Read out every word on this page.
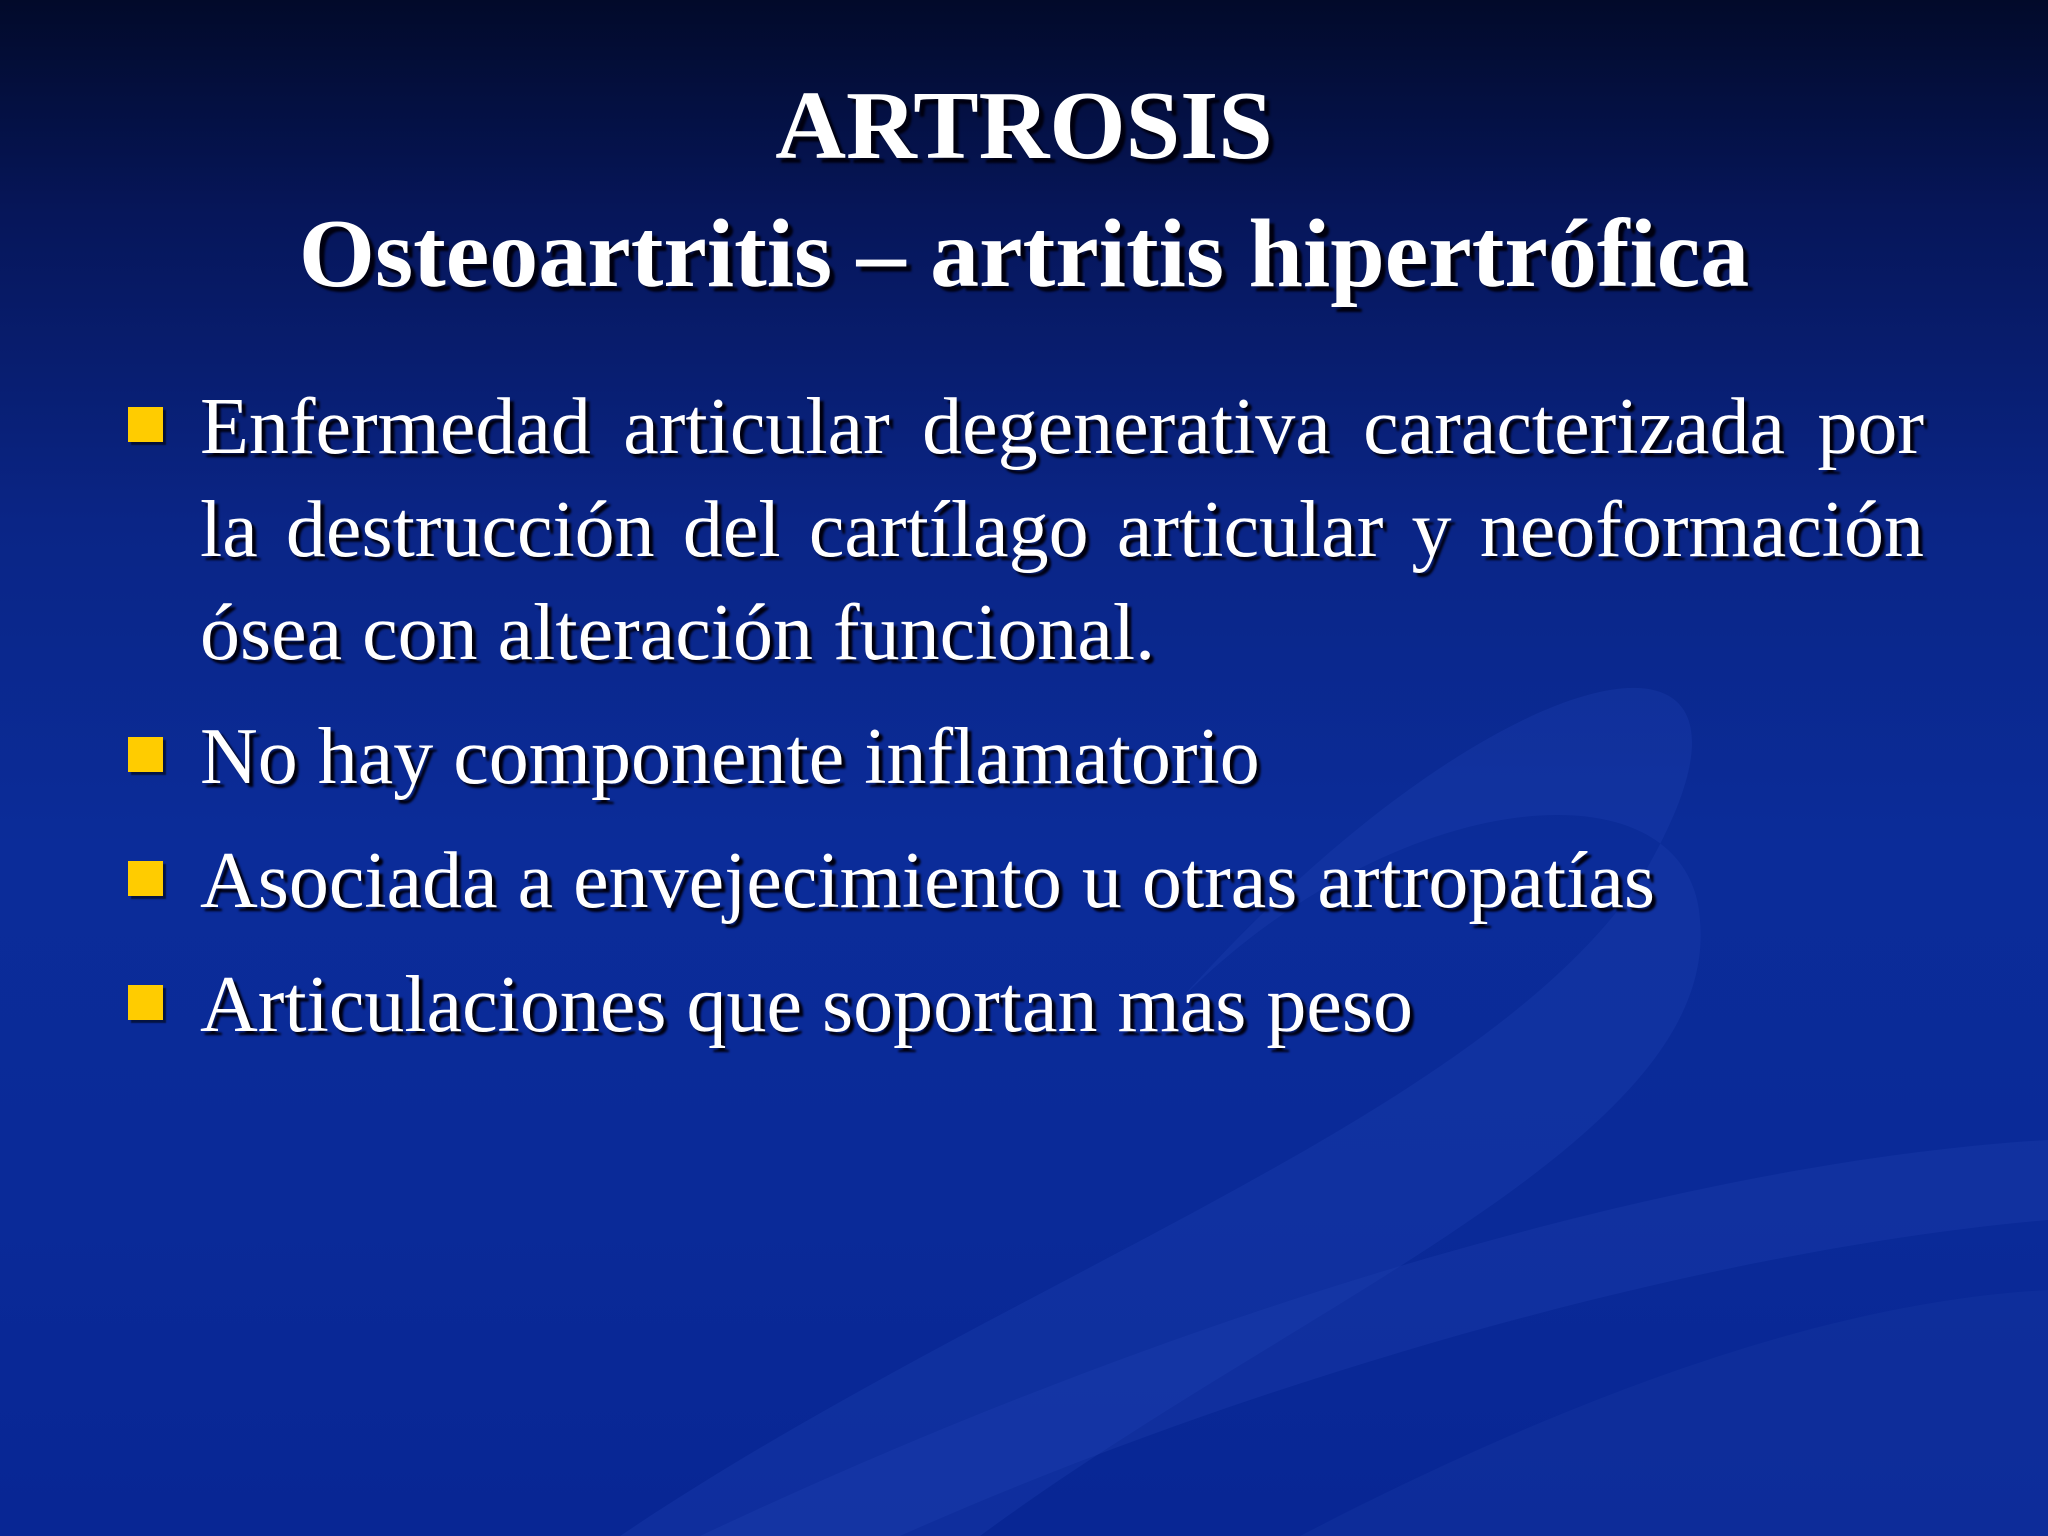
ARTROSIS
Osteoartritis – artritis hipertrófica
Enfermedad articular degenerativa caracterizada por la destrucción del cartílago articular y neoformación ósea con alteración funcional.
No hay componente inflamatorio
Asociada a envejecimiento u otras artropatías
Articulaciones que soportan mas peso
